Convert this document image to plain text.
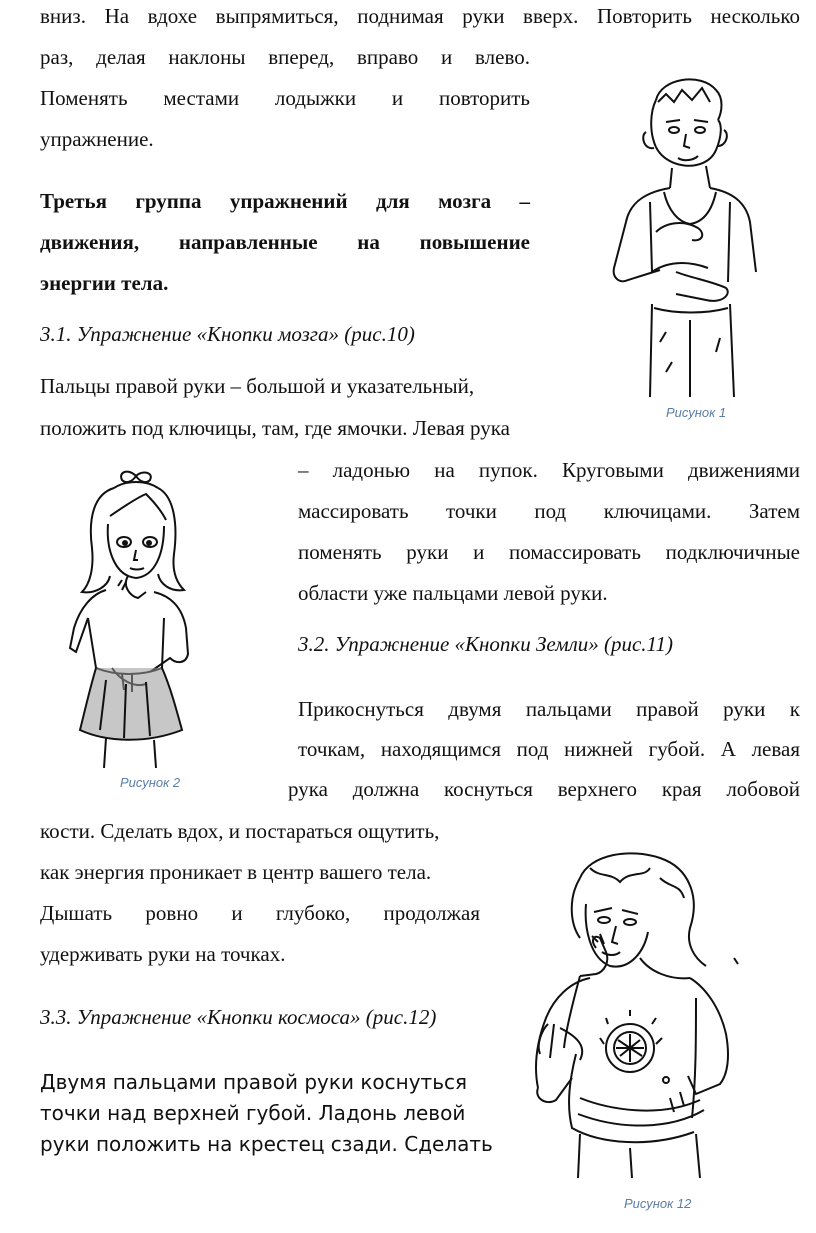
вниз. На вдохе выпрямиться, поднимая руки вверх. Повторить несколько
раз, делая наклоны вперед, вправо и влево.
Поменять местами лодыжки и повторить
упражнение.
Третья группа упражнений для мозга –
движения, направленные на повышение
энергии тела.
3.1. Упражнение «Кнопки мозга» (рис.10)
Пальцы правой руки – большой и указательный,
положить под ключицы, там, где ямочки. Левая рука
– ладонью на пупок. Круговыми движениями
массировать точки под ключицами. Затем
поменять руки и помассировать подключичные
области уже пальцами левой руки.
3.2. Упражнение «Кнопки Земли» (рис.11)
Прикоснуться двумя пальцами правой руки к
точкам, находящимся под нижней губой. А левая
рука должна коснуться верхнего края лобовой
кости. Сделать вдох, и постараться ощутить,
как энергия проникает в центр вашего тела.
Дышать ровно и глубоко, продолжая
удерживать руки на точках.
3.3. Упражнение «Кнопки космоса» (рис.12)
Двумя пальцами правой руки коснуться
точки над верхней губой. Ладонь левой
руки положить на крестец сзади. Сделать
Рисунок 1
Рисунок 2
Рисунок 12
